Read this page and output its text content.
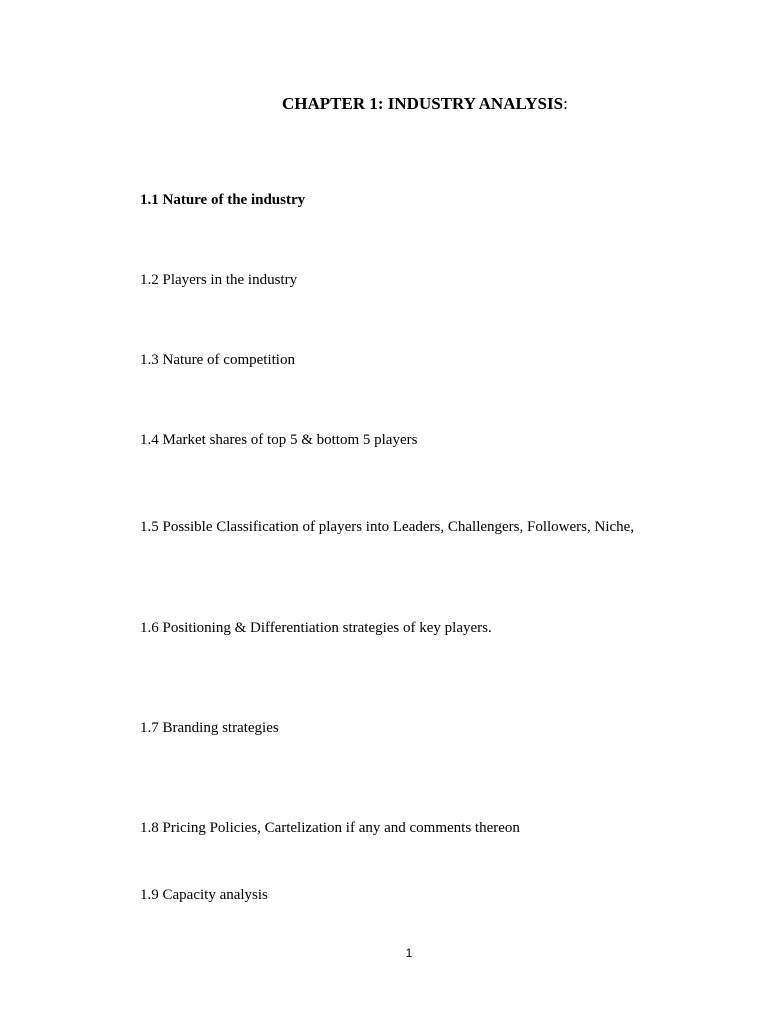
CHAPTER 1: INDUSTRY ANALYSIS:
1.1 Nature of the industry
1.2 Players in the industry
1.3 Nature of competition
1.4 Market shares of top 5 & bottom 5 players
1.5 Possible Classification of players into Leaders, Challengers, Followers, Niche,
1.6 Positioning & Differentiation strategies of key players.
1.7 Branding strategies
1.8 Pricing Policies, Cartelization if any and comments thereon
1.9 Capacity analysis
1
